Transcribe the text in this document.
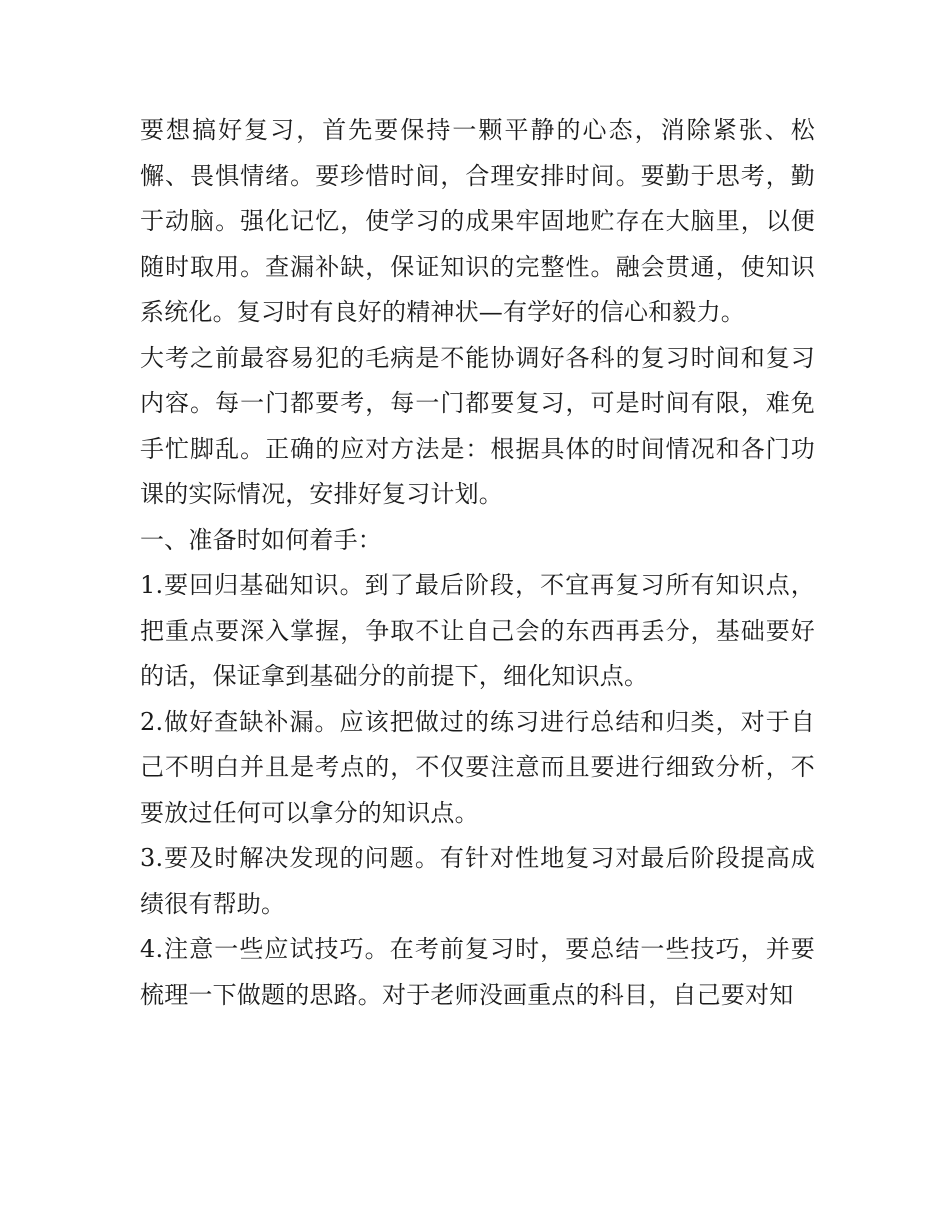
要想搞好复习，首先要保持一颗平静的心态，消除紧张、松懈、畏惧情绪。要珍惜时间，合理安排时间。要勤于思考，勤于动脑。强化记忆，使学习的成果牢固地贮存在大脑里，以便随时取用。查漏补缺，保证知识的完整性。融会贯通，使知识系统化。复习时有良好的精神状—有学好的信心和毅力。

大考之前最容易犯的毛病是不能协调好各科的复习时间和复习内容。每一门都要考，每一门都要复习，可是时间有限，难免手忙脚乱。正确的应对方法是：根据具体的时间情况和各门功课的实际情况，安排好复习计划。

一、准备时如何着手：

1.要回归基础知识。到了最后阶段，不宜再复习所有知识点，把重点要深入掌握，争取不让自己会的东西再丢分，基础要好的话，保证拿到基础分的前提下，细化知识点。

2.做好查缺补漏。应该把做过的练习进行总结和归类，对于自己不明白并且是考点的，不仅要注意而且要进行细致分析，不要放过任何可以拿分的知识点。

3.要及时解决发现的问题。有针对性地复习对最后阶段提高成绩很有帮助。

4.注意一些应试技巧。在考前复习时，要总结一些技巧，并要梳理一下做题的思路。对于老师没画重点的科目，自己要对知
